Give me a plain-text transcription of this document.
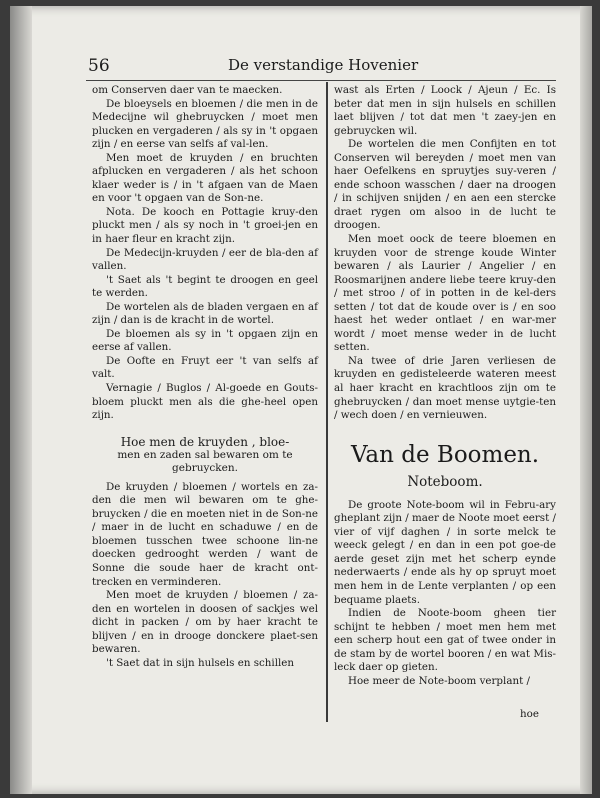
56	De verstandige Hovenier

om Conserven daer van te maecken.

De bloeysels en bloemen / die men in de Medecijne wil ghebruycken / moet men plucken en vergaderen / als sy in 't opgaen zijn / en eerse van selfs af val-len.

Men moet de kruyden / en bruchten afplucken en vergaderen / als het schoon klaer weder is / in 't afgaen van de Maen en voor 't opgaen van de Son-ne.

Nota. De kooch en Pottagie kruy-den pluckt men / als sy noch in 't groei-jen en in haer fleur en kracht zijn.

De Medecijn-kruyden / eer de bla-den af vallen.

't Saet als 't begint te droogen en geel te werden.

De wortelen als de bladen vergaen en af zijn / dan is de kracht in de wortel.

De bloemen als sy in 't opgaen zijn en eerse af vallen.

De Oofte en Fruyt eer 't van selfs af valt.

Vernagie / Buglos / Al-goede en Gouts-bloem pluckt men als die ghe-heel open zijn.

Hoe men de kruyden , bloe-
men en zaden sal bewaren om te gebruycken.

De kruyden / bloemen / wortels en za-den die men wil bewaren om te ghe-bruycken / die en moeten niet in de Son-ne / maer in de lucht en schaduwe / en de bloemen tusschen twee schoone lin-ne doecken gedrooght werden / want de Sonne die soude haer de kracht ont-trecken en verminderen.

Men moet de kruyden / bloemen / za-den en wortelen in doosen of sackjes wel dicht in packen / om by haer kracht te blijven / en in droogе donckere plaet-sen bewaren.

't Saet dat in sijn hulsels en schillen

wast als Erten / Loock / Ajeun / Ec. Is beter dat men in sijn hulsels en schillen laet blijven / tot dat men 't zaey-jen en gebruycken wil.

De wortelen die men Confijten en tot Conserven wil bereyden / moet men van haer Oefelkens en spruytjes suy-veren / ende schoon wasschen / daer na droogen / in schijven snijden / en aen een stercke draet rygen om alsoo in de lucht te droogen.

Men moet oock de teere bloemen en kruyden voor de strenge koude Winter bewaren / als Laurier / Angelier / en Roosmarijnen andere liebe teere kruy-den / met stroo / of in potten in de kel-ders setten / tot dat de koude over is / en soo haest het weder ontlaet / en war-mer wordt / moet mense weder in de lucht setten.

Na twee of drie Jaren verliesen de kruyden en gedisteleerde wateren meest al haer kracht en krachtloos zijn om te ghebruycken / dan moet mense uytgie-ten / wech doen / en vernieuwen.

Van de Boomen.
Noteboom.

De groote Note-boom wil in Febru-ary gheplant zijn / maer de Noote moet eerst / vier of vijf daghen / in sorte melck te weeck gelegt / en dan in een pot goe-de aerde geset zijn met het scherp eynde nederwaerts / ende als hy op spruyt moet men hem in de Lente verplanten / op een bequame plaets.

Indien de Noote-boom gheen tier schijnt te hebben / moet men hem met een scherp hout een gat of twee onder in de stam by de wortel booren / en wat Mis-leck daer op gieten.

Hoe meer de Note-boom verplant /

hoe
